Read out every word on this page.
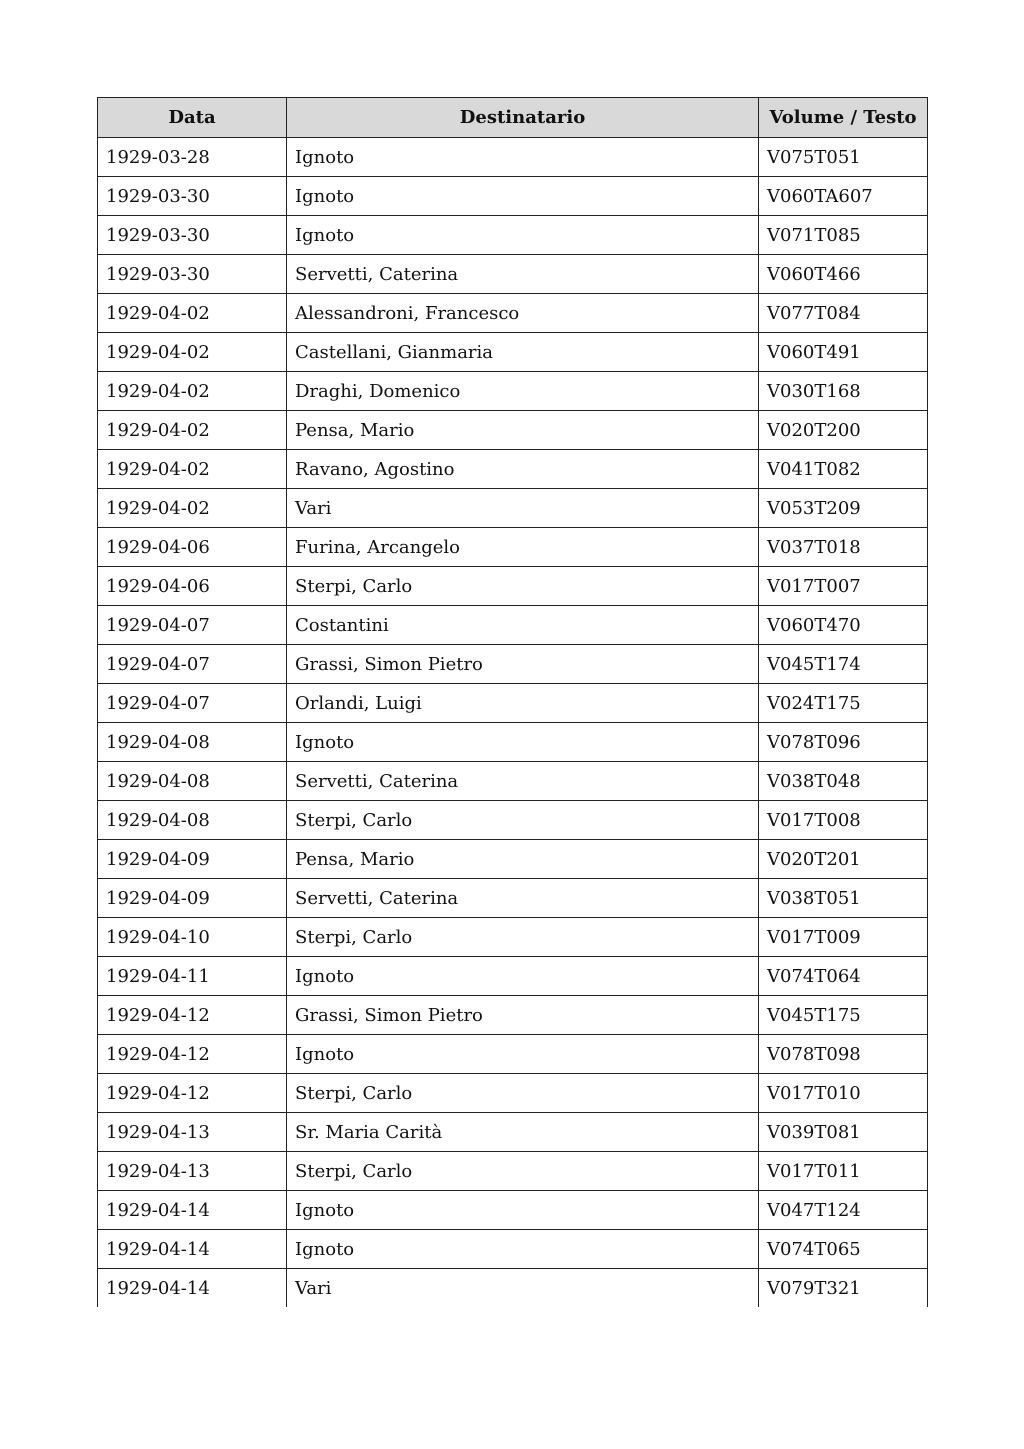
Data	Destinatario	Volume / Testo
1929-03-28	Ignoto	V075T051
1929-03-30	Ignoto	V060TA607
1929-03-30	Ignoto	V071T085
1929-03-30	Servetti, Caterina	V060T466
1929-04-02	Alessandroni, Francesco	V077T084
1929-04-02	Castellani, Gianmaria	V060T491
1929-04-02	Draghi, Domenico	V030T168
1929-04-02	Pensa, Mario	V020T200
1929-04-02	Ravano, Agostino	V041T082
1929-04-02	Vari	V053T209
1929-04-06	Furina, Arcangelo	V037T018
1929-04-06	Sterpi, Carlo	V017T007
1929-04-07	Costantini	V060T470
1929-04-07	Grassi, Simon Pietro	V045T174
1929-04-07	Orlandi, Luigi	V024T175
1929-04-08	Ignoto	V078T096
1929-04-08	Servetti, Caterina	V038T048
1929-04-08	Sterpi, Carlo	V017T008
1929-04-09	Pensa, Mario	V020T201
1929-04-09	Servetti, Caterina	V038T051
1929-04-10	Sterpi, Carlo	V017T009
1929-04-11	Ignoto	V074T064
1929-04-12	Grassi, Simon Pietro	V045T175
1929-04-12	Ignoto	V078T098
1929-04-12	Sterpi, Carlo	V017T010
1929-04-13	Sr. Maria Carità	V039T081
1929-04-13	Sterpi, Carlo	V017T011
1929-04-14	Ignoto	V047T124
1929-04-14	Ignoto	V074T065
1929-04-14	Vari	V079T321
